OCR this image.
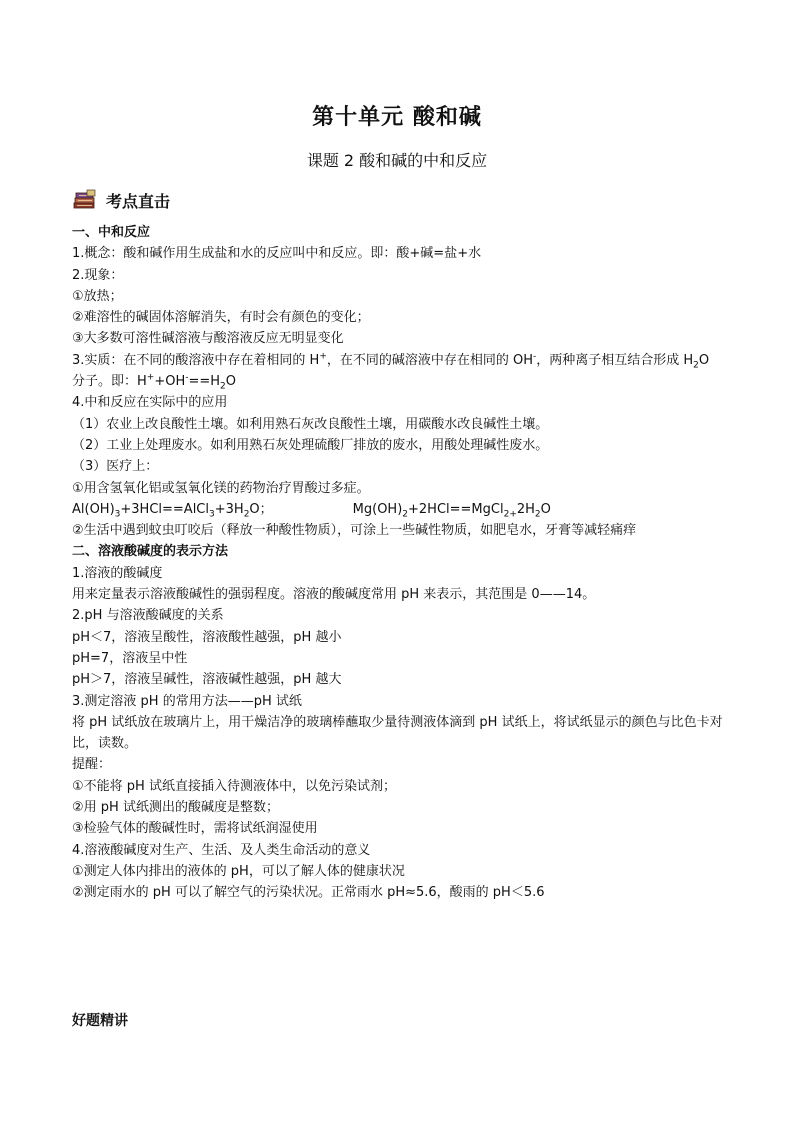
第十单元 酸和碱
课题 2 酸和碱的中和反应
考点直击
一、中和反应
1.概念：酸和碱作用生成盐和水的反应叫中和反应。即：酸+碱=盐+水
2.现象：
①放热；
②难溶性的碱固体溶解消失，有时会有颜色的变化；
③大多数可溶性碱溶液与酸溶液反应无明显变化
3.实质：在不同的酸溶液中存在着相同的 H+，在不同的碱溶液中存在相同的 OH-，两种离子相互结合形成 $H_2O$
分子。即：$H^++OH^-==H_2O$
4.中和反应在实际中的应用
（1）农业上改良酸性土壤。如利用熟石灰改良酸性土壤，用碳酸水改良碱性土壤。
（2）工业上处理废水。如利用熟石灰处理硫酸厂排放的废水，用酸处理碱性废水。
（3）医疗上：
①用含氢氧化铝或氢氧化镁的药物治疗胃酸过多症。
$Al(OH)_3+3HCl==AlCl_3+3H_2O$；	$Mg(OH)_2+2HCl==MgCl_{2+}2H_2O$
②生活中遇到蚊虫叮咬后（释放一种酸性物质），可涂上一些碱性物质，如肥皂水，牙膏等减轻痛痒
二、溶液酸碱度的表示方法
1.溶液的酸碱度
用来定量表示溶液酸碱性的强弱程度。溶液的酸碱度常用 pH 来表示，其范围是 0——14。
2.pH 与溶液酸碱度的关系
pH＜7，溶液呈酸性，溶液酸性越强，pH 越小
pH=7，溶液呈中性
pH＞7，溶液呈碱性，溶液碱性越强，pH 越大
3.测定溶液 pH 的常用方法——pH 试纸
将 pH 试纸放在玻璃片上，用干燥洁净的玻璃棒蘸取少量待测液体滴到 pH 试纸上，将试纸显示的颜色与比色卡对比，读数。
提醒：
①不能将 pH 试纸直接插入待测液体中，以免污染试剂；
②用 pH 试纸测出的酸碱度是整数；
③检验气体的酸碱性时，需将试纸润湿使用
4.溶液酸碱度对生产、生活、及人类生命活动的意义
①测定人体内排出的液体的 pH，可以了解人体的健康状况
②测定雨水的 pH 可以了解空气的污染状况。正常雨水 pH≈5.6，酸雨的 pH＜5.6
好题精讲
